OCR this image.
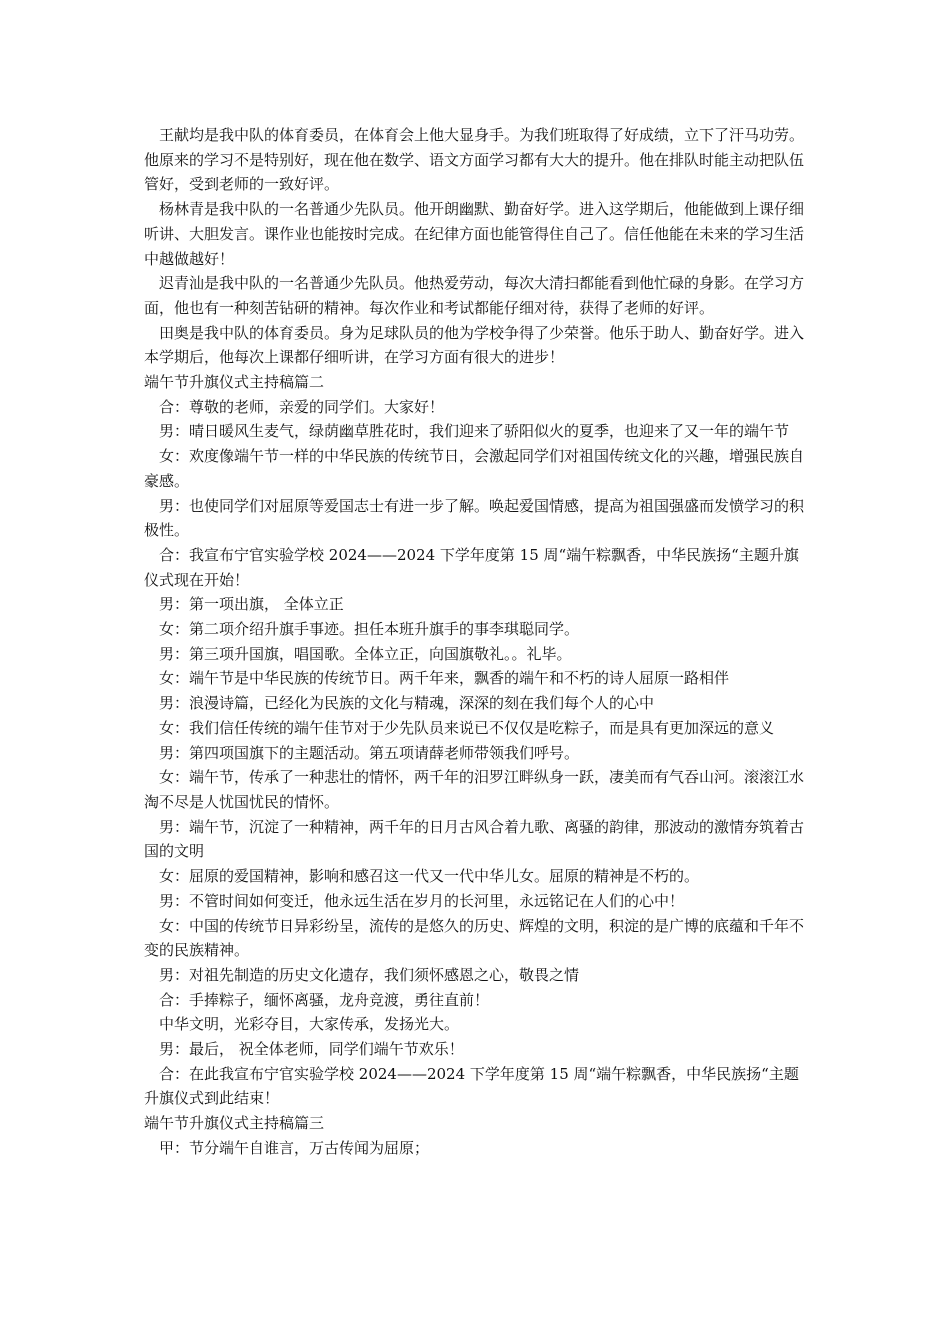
王献均是我中队的体育委员，在体育会上他大显身手。为我们班取得了好成绩，立下了汗马功劳。他原来的学习不是特别好，现在他在数学、语文方面学习都有大大的提升。他在排队时能主动把队伍管好，受到老师的一致好评。

杨林青是我中队的一名普通少先队员。他开朗幽默、勤奋好学。进入这学期后，他能做到上课仔细听讲、大胆发言。课作业也能按时完成。在纪律方面也能管得住自己了。信任他能在未来的学习生活中越做越好！

迟青汕是我中队的一名普通少先队员。他热爱劳动，每次大清扫都能看到他忙碌的身影。在学习方面，他也有一种刻苦钻研的精神。每次作业和考试都能仔细对待，获得了老师的好评。

田奥是我中队的体育委员。身为足球队员的他为学校争得了少荣誉。他乐于助人、勤奋好学。进入本学期后，他每次上课都仔细听讲，在学习方面有很大的进步！

端午节升旗仪式主持稿篇二

合：尊敬的老师，亲爱的同学们。大家好！

男：晴日暖风生麦气，绿荫幽草胜花时，我们迎来了骄阳似火的夏季，也迎来了又一年的端午节

女：欢度像端午节一样的中华民族的传统节日，会激起同学们对祖国传统文化的兴趣，增强民族自豪感。

男：也使同学们对屈原等爱国志士有进一步了解。唤起爱国情感，提高为祖国强盛而发愤学习的积极性。

合：我宣布宁官实验学校 2024——2024 下学年度第 15 周“端午粽飘香，中华民族扬“主题升旗仪式现在开始！

男：第一项出旗， 全体立正

女：第二项介绍升旗手事迹。担任本班升旗手的事李琪聪同学。

男：第三项升国旗，唱国歌。全体立正，向国旗敬礼。。礼毕。

女：端午节是中华民族的传统节日。两千年来，飘香的端午和不朽的诗人屈原一路相伴

男：浪漫诗篇，已经化为民族的文化与精魂，深深的刻在我们每个人的心中

女：我们信任传统的端午佳节对于少先队员来说已不仅仅是吃粽子，而是具有更加深远的意义

男：第四项国旗下的主题活动。第五项请薛老师带领我们呼号。

女：端午节，传承了一种悲壮的情怀，两千年的汨罗江畔纵身一跃，凄美而有气吞山河。滚滚江水淘不尽是人忧国忧民的情怀。

男：端午节，沉淀了一种精神，两千年的日月古风合着九歌、离骚的韵律，那波动的激情夯筑着古国的文明

女：屈原的爱国精神，影响和感召这一代又一代中华儿女。屈原的精神是不朽的。

男：不管时间如何变迁，他永远生活在岁月的长河里，永远铭记在人们的心中！

女：中国的传统节日异彩纷呈，流传的是悠久的历史、辉煌的文明，积淀的是广博的底蕴和千年不变的民族精神。

男：对祖先制造的历史文化遗存，我们须怀感恩之心，敬畏之情

合：手捧粽子，缅怀离骚，龙舟竞渡，勇往直前！

中华文明，光彩夺目，大家传承，发扬光大。

男：最后， 祝全体老师，同学们端午节欢乐！

合：在此我宣布宁官实验学校 2024——2024 下学年度第 15 周“端午粽飘香，中华民族扬“主题升旗仪式到此结束！

端午节升旗仪式主持稿篇三

甲：节分端午自谁言，万古传闻为屈原；
